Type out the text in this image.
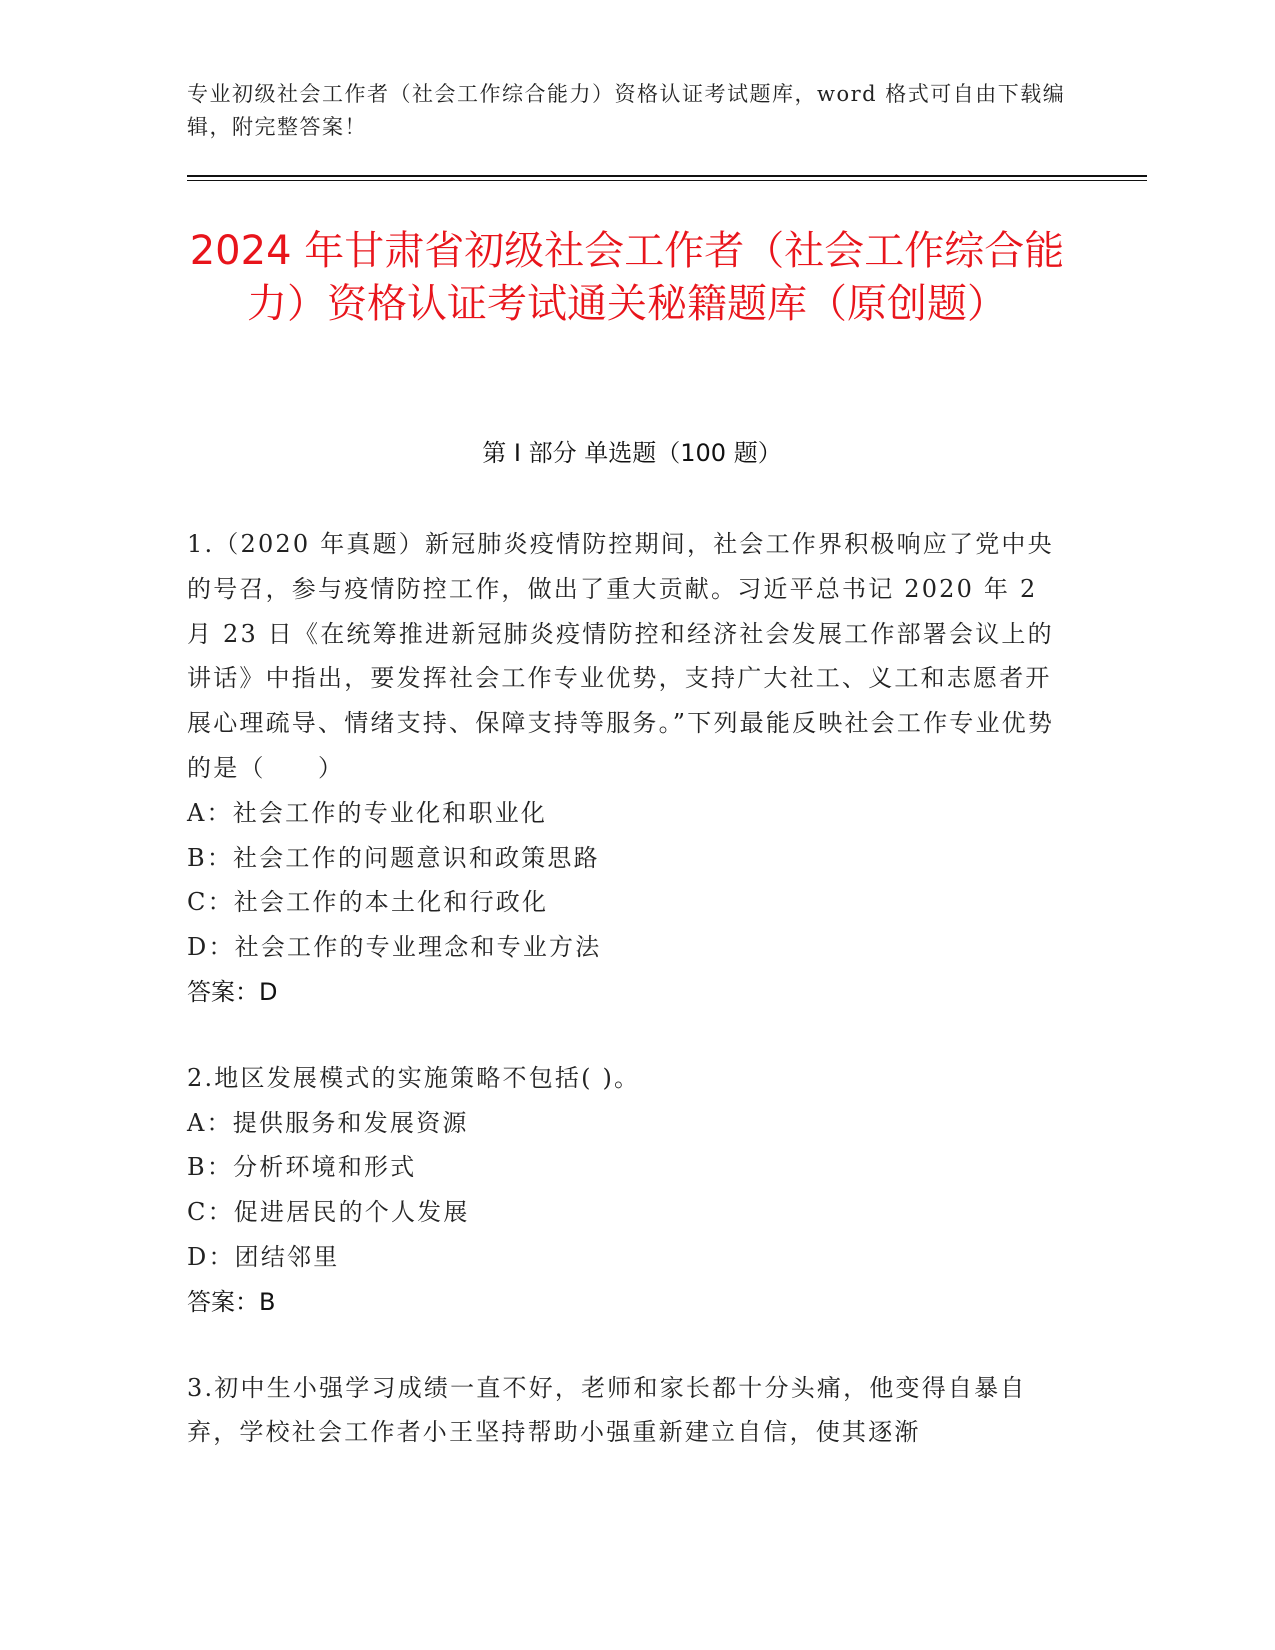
专业初级社会工作者（社会工作综合能力）资格认证考试题库，word 格式可自由下载编辑，附完整答案！
2024 年甘肃省初级社会工作者（社会工作综合能力）资格认证考试通关秘籍题库（原创题）
第 I 部分 单选题（100 题）
1.（2020 年真题）新冠肺炎疫情防控期间，社会工作界积极响应了党中央的号召，参与疫情防控工作，做出了重大贡献。习近平总书记 2020 年 2 月 23 日《在统筹推进新冠肺炎疫情防控和经济社会发展工作部署会议上的讲话》中指出，要发挥社会工作专业优势，支持广大社工、义工和志愿者开展心理疏导、情绪支持、保障支持等服务。”下列最能反映社会工作专业优势的是（　　）
A：社会工作的专业化和职业化
B：社会工作的问题意识和政策思路
C：社会工作的本土化和行政化
D：社会工作的专业理念和专业方法
答案：D
2.地区发展模式的实施策略不包括( )。
A：提供服务和发展资源
B：分析环境和形式
C：促进居民的个人发展
D：团结邻里
答案：B
3.初中生小强学习成绩一直不好，老师和家长都十分头痛，他变得自暴自弃，学校社会工作者小王坚持帮助小强重新建立自信，使其逐渐
